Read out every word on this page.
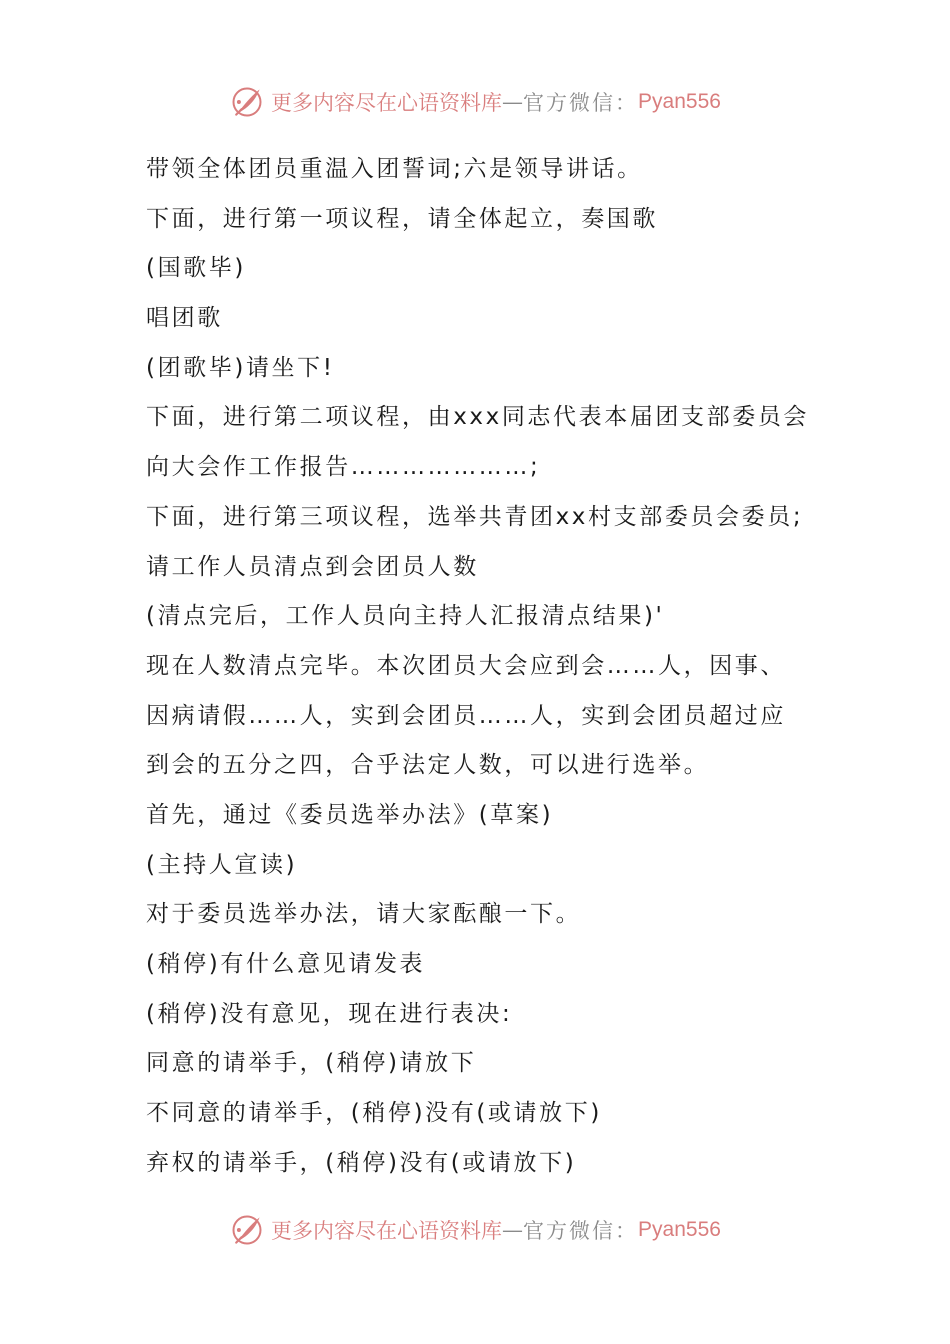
更多内容尽在心语资料库 — 官方微信： Pyan556
带领全体团员重温入团誓词;六是领导讲话。
下面，进行第一项议程，请全体起立，奏国歌
(国歌毕)
唱团歌
(团歌毕)请坐下!
下面，进行第二项议程，由xxx同志代表本届团支部委员会
向大会作工作报告…………………;
下面，进行第三项议程，选举共青团xx村支部委员会委员;
请工作人员清点到会团员人数
(清点完后，工作人员向主持人汇报清点结果)'
现在人数清点完毕。本次团员大会应到会……人，因事、
因病请假……人，实到会团员……人，实到会团员超过应
到会的五分之四，合乎法定人数，可以进行选举。
首先，通过《委员选举办法》(草案)
(主持人宣读)
对于委员选举办法，请大家酝酿一下。
(稍停)有什么意见请发表
(稍停)没有意见，现在进行表决:
同意的请举手，(稍停)请放下
不同意的请举手，(稍停)没有(或请放下)
弃权的请举手，(稍停)没有(或请放下)
更多内容尽在心语资料库 — 官方微信： Pyan556
